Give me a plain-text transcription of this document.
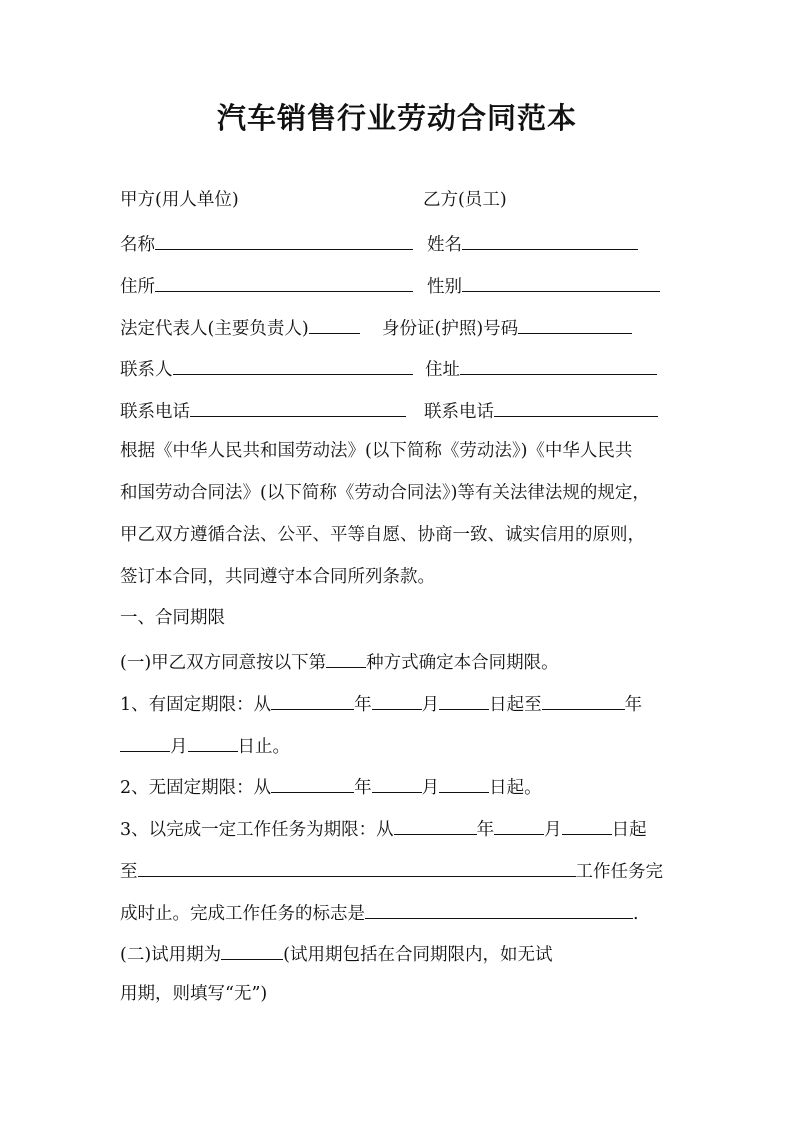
汽车销售行业劳动合同范本
甲方(用人单位)	乙方(员工)
名称	姓名
住所	性别
法定代表人(主要负责人)	身份证(护照)号码
联系人	住址
联系电话	联系电话
根据《中华人民共和国劳动法》(以下简称《劳动法》)《中华人民共
和国劳动合同法》(以下简称《劳动合同法》)等有关法律法规的规定，
甲乙双方遵循合法、公平、平等自愿、协商一致、诚实信用的原则，
签订本合同，共同遵守本合同所列条款。
一、合同期限
(一)甲乙双方同意按以下第 种方式确定本合同期限。
1、有固定期限：从	年	月	日起至	年
月	日止。
2、无固定期限：从	年	月	日起。
3、以完成一定工作任务为期限：从	年	月	日起
至	工作任务完
成时止。完成工作任务的标志是	.
(二)试用期为	(试用期包括在合同期限内，如无试
用期，则填写“无”)
